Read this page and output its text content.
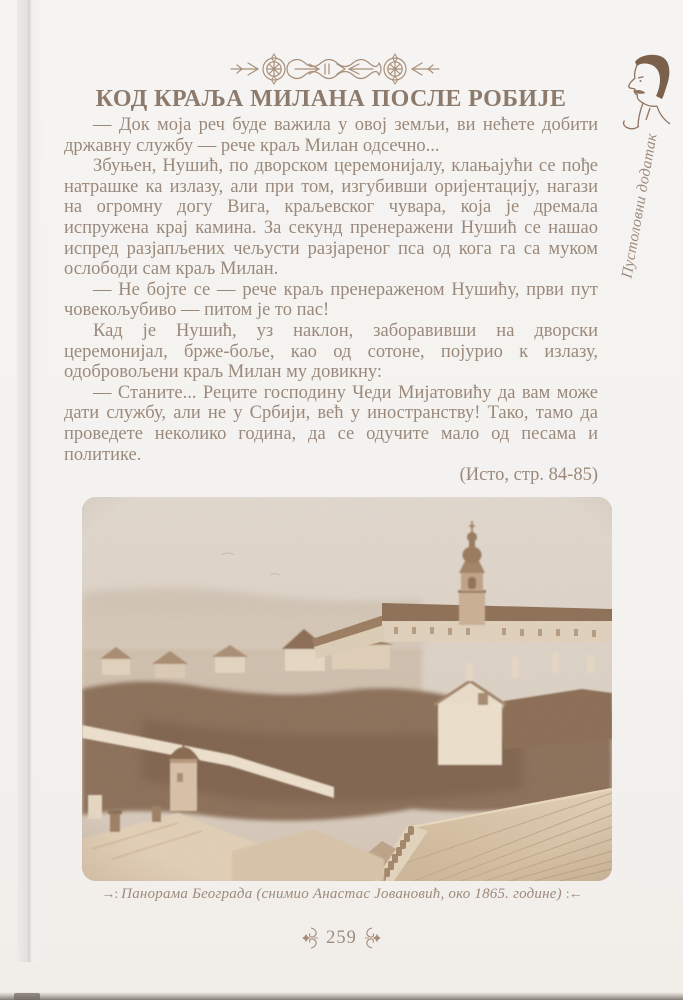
Пустоловни додатак
КОД КРАЉА МИЛАНА ПОСЛЕ РОБИЈЕ

— Док моја реч буде важила у овој земљи, ви нећете добити државну службу — рече краљ Милан одсечно...

Збуњен, Нушић, по дворском церемонијалу, клањајући се пође натрашке ка излазу, али при том, изгубивши оријентацију, нагази на огромну догу Вига, краљевског чувара, која је дремала испружена крај камина. За секунд пренеражени Нушић се нашао испред разјапљених чељусти разјареног пса од кога га са муком ослободи сам краљ Милан.

— Не бојте се — рече краљ пренераженом Нушићу, први пут човекољубиво — питом је то пас!

Кад је Нушић, уз наклон, заборавивши на дворски церемонијал, брже-боље, као од сотоне, појурио к излазу, одобровољени краљ Милан му довикну:

— Станите... Реците господину Чеди Мијатовићу да вам може дати службу, али не у Србији, већ у иностранству! Тако, тамо да проведете неколико година, да се одучите мало од песама и политике.

(Исто, стр. 84-85)

→: Панорама Београда (снимио Анастас Јовановић, око 1865. године) :←
259
